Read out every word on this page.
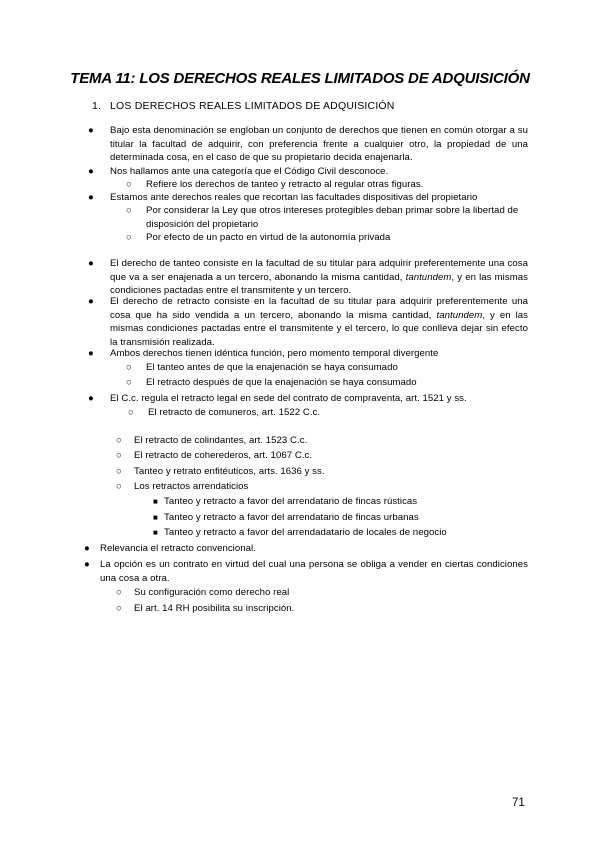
TEMA 11: LOS DERECHOS REALES LIMITADOS DE ADQUISICIÓN
1. LOS DERECHOS REALES LIMITADOS DE ADQUISICIÓN
● Bajo esta denominación se engloban un conjunto de derechos que tienen en común otorgar a su titular la facultad de adquirir, con preferencia frente a cualquier otro, la propiedad de una determinada cosa, en el caso de que su propietario decida enajenarla.
● Nos hallamos ante una categoría que el Código Civil desconoce.
○ Refiere los derechos de tanteo y retracto al regular otras figuras.
● Estamos ante derechos reales que recortan las facultades dispositivas del propietario
○ Por considerar la Ley que otros intereses protegibles deban primar sobre la libertad de disposición del propietario
○ Por efecto de un pacto en virtud de la autonomía privada
● El derecho de tanteo consiste en la facultad de su titular para adquirir preferentemente una cosa que va a ser enajenada a un tercero, abonando la misma cantidad, tantundem, y en las mismas condiciones pactadas entre el transmitente y un tercero.
● El derecho de retracto consiste en la facultad de su titular para adquirir preferentemente una cosa que ha sido vendida a un tercero, abonando la misma cantidad, tantundem, y en las mismas condiciones pactadas entre el transmitente y el tercero, lo que conlleva dejar sin efecto la transmisión realizada.
● Ambos derechos tienen idéntica función, pero momento temporal divergente
○ El tanteo antes de que la enajenación se haya consumado
○ El retracto después de que la enajenación se haya consumado
● El C.c. regula el retracto legal en sede del contrato de compraventa, art. 1521 y ss.
○ El retracto de comuneros, art. 1522 C.c.
○ El retracto de colindantes, art. 1523 C.c.
○ El retracto de coherederos, art. 1067 C.c.
○ Tanteo y retrato enfitéuticos, arts. 1636 y ss.
○ Los retractos arrendaticios
■ Tanteo y retracto a favor del arrendatario de fincas rústicas
■ Tanteo y retracto a favor del arrendatario de fincas urbanas
■ Tanteo y retracto a favor del arrendadatario de locales de negocio
● Relevancia el retracto convencional.
● La opción es un contrato en virtud del cual una persona se obliga a vender en ciertas condiciones una cosa a otra.
○ Su configuración como derecho real
○ El art. 14 RH posibilita su inscripción.
71
